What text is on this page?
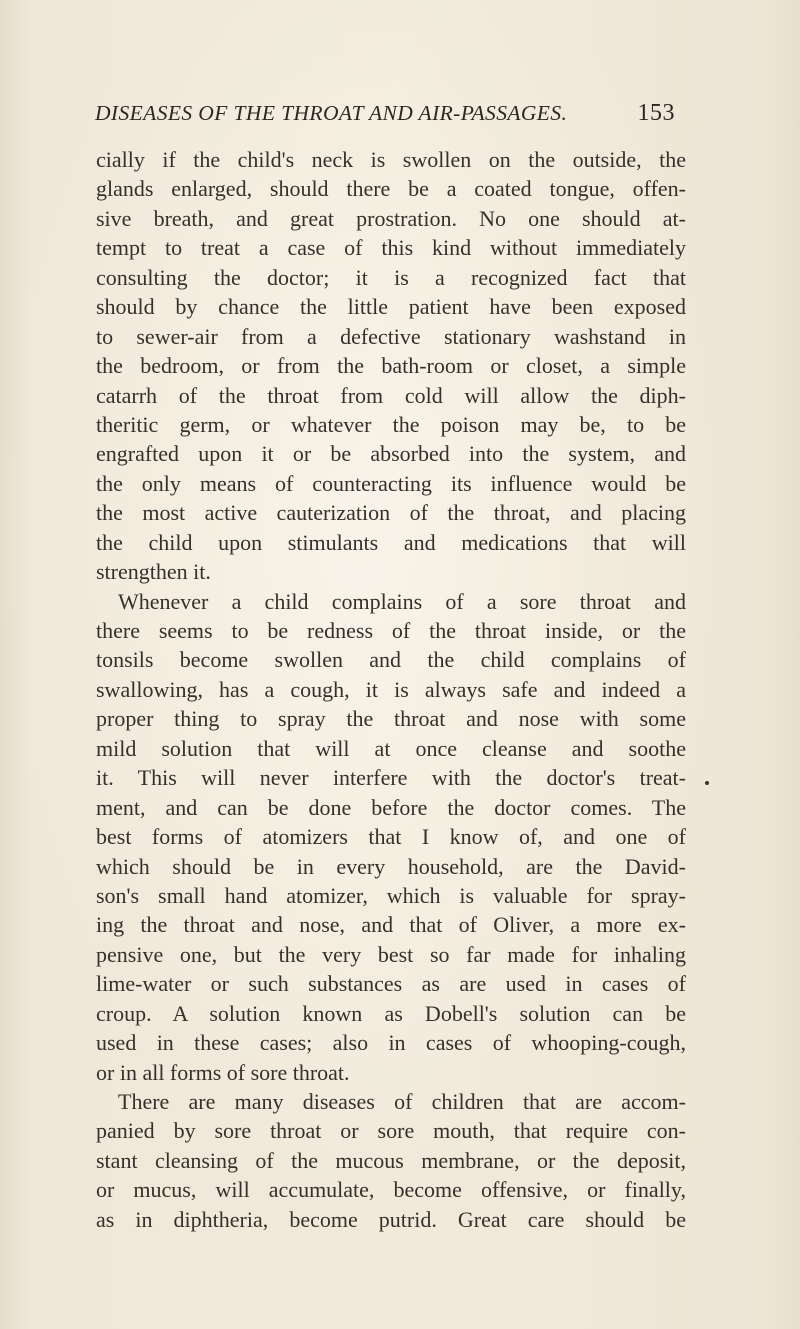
DISEASES OF THE THROAT AND AIR-PASSAGES.	153
cially if the child's neck is swollen on the outside, the
glands enlarged, should there be a coated tongue, offen-
sive breath, and great prostration. No one should at-
tempt to treat a case of this kind without immediately
consulting the doctor; it is a recognized fact that
should by chance the little patient have been exposed
to sewer-air from a defective stationary washstand in
the bedroom, or from the bath-room or closet, a simple
catarrh of the throat from cold will allow the diph-
theritic germ, or whatever the poison may be, to be
engrafted upon it or be absorbed into the system, and
the only means of counteracting its influence would be
the most active cauterization of the throat, and placing
the child upon stimulants and medications that will
strengthen it.
Whenever a child complains of a sore throat and
there seems to be redness of the throat inside, or the
tonsils become swollen and the child complains of
swallowing, has a cough, it is always safe and indeed a
proper thing to spray the throat and nose with some
mild solution that will at once cleanse and soothe
it. This will never interfere with the doctor's treat-
ment, and can be done before the doctor comes. The
best forms of atomizers that I know of, and one of
which should be in every household, are the David-
son's small hand atomizer, which is valuable for spray-
ing the throat and nose, and that of Oliver, a more ex-
pensive one, but the very best so far made for inhaling
lime-water or such substances as are used in cases of
croup. A solution known as Dobell's solution can be
used in these cases; also in cases of whooping-cough,
or in all forms of sore throat.
There are many diseases of children that are accom-
panied by sore throat or sore mouth, that require con-
stant cleansing of the mucous membrane, or the deposit,
or mucus, will accumulate, become offensive, or finally,
as in diphtheria, become putrid. Great care should be
